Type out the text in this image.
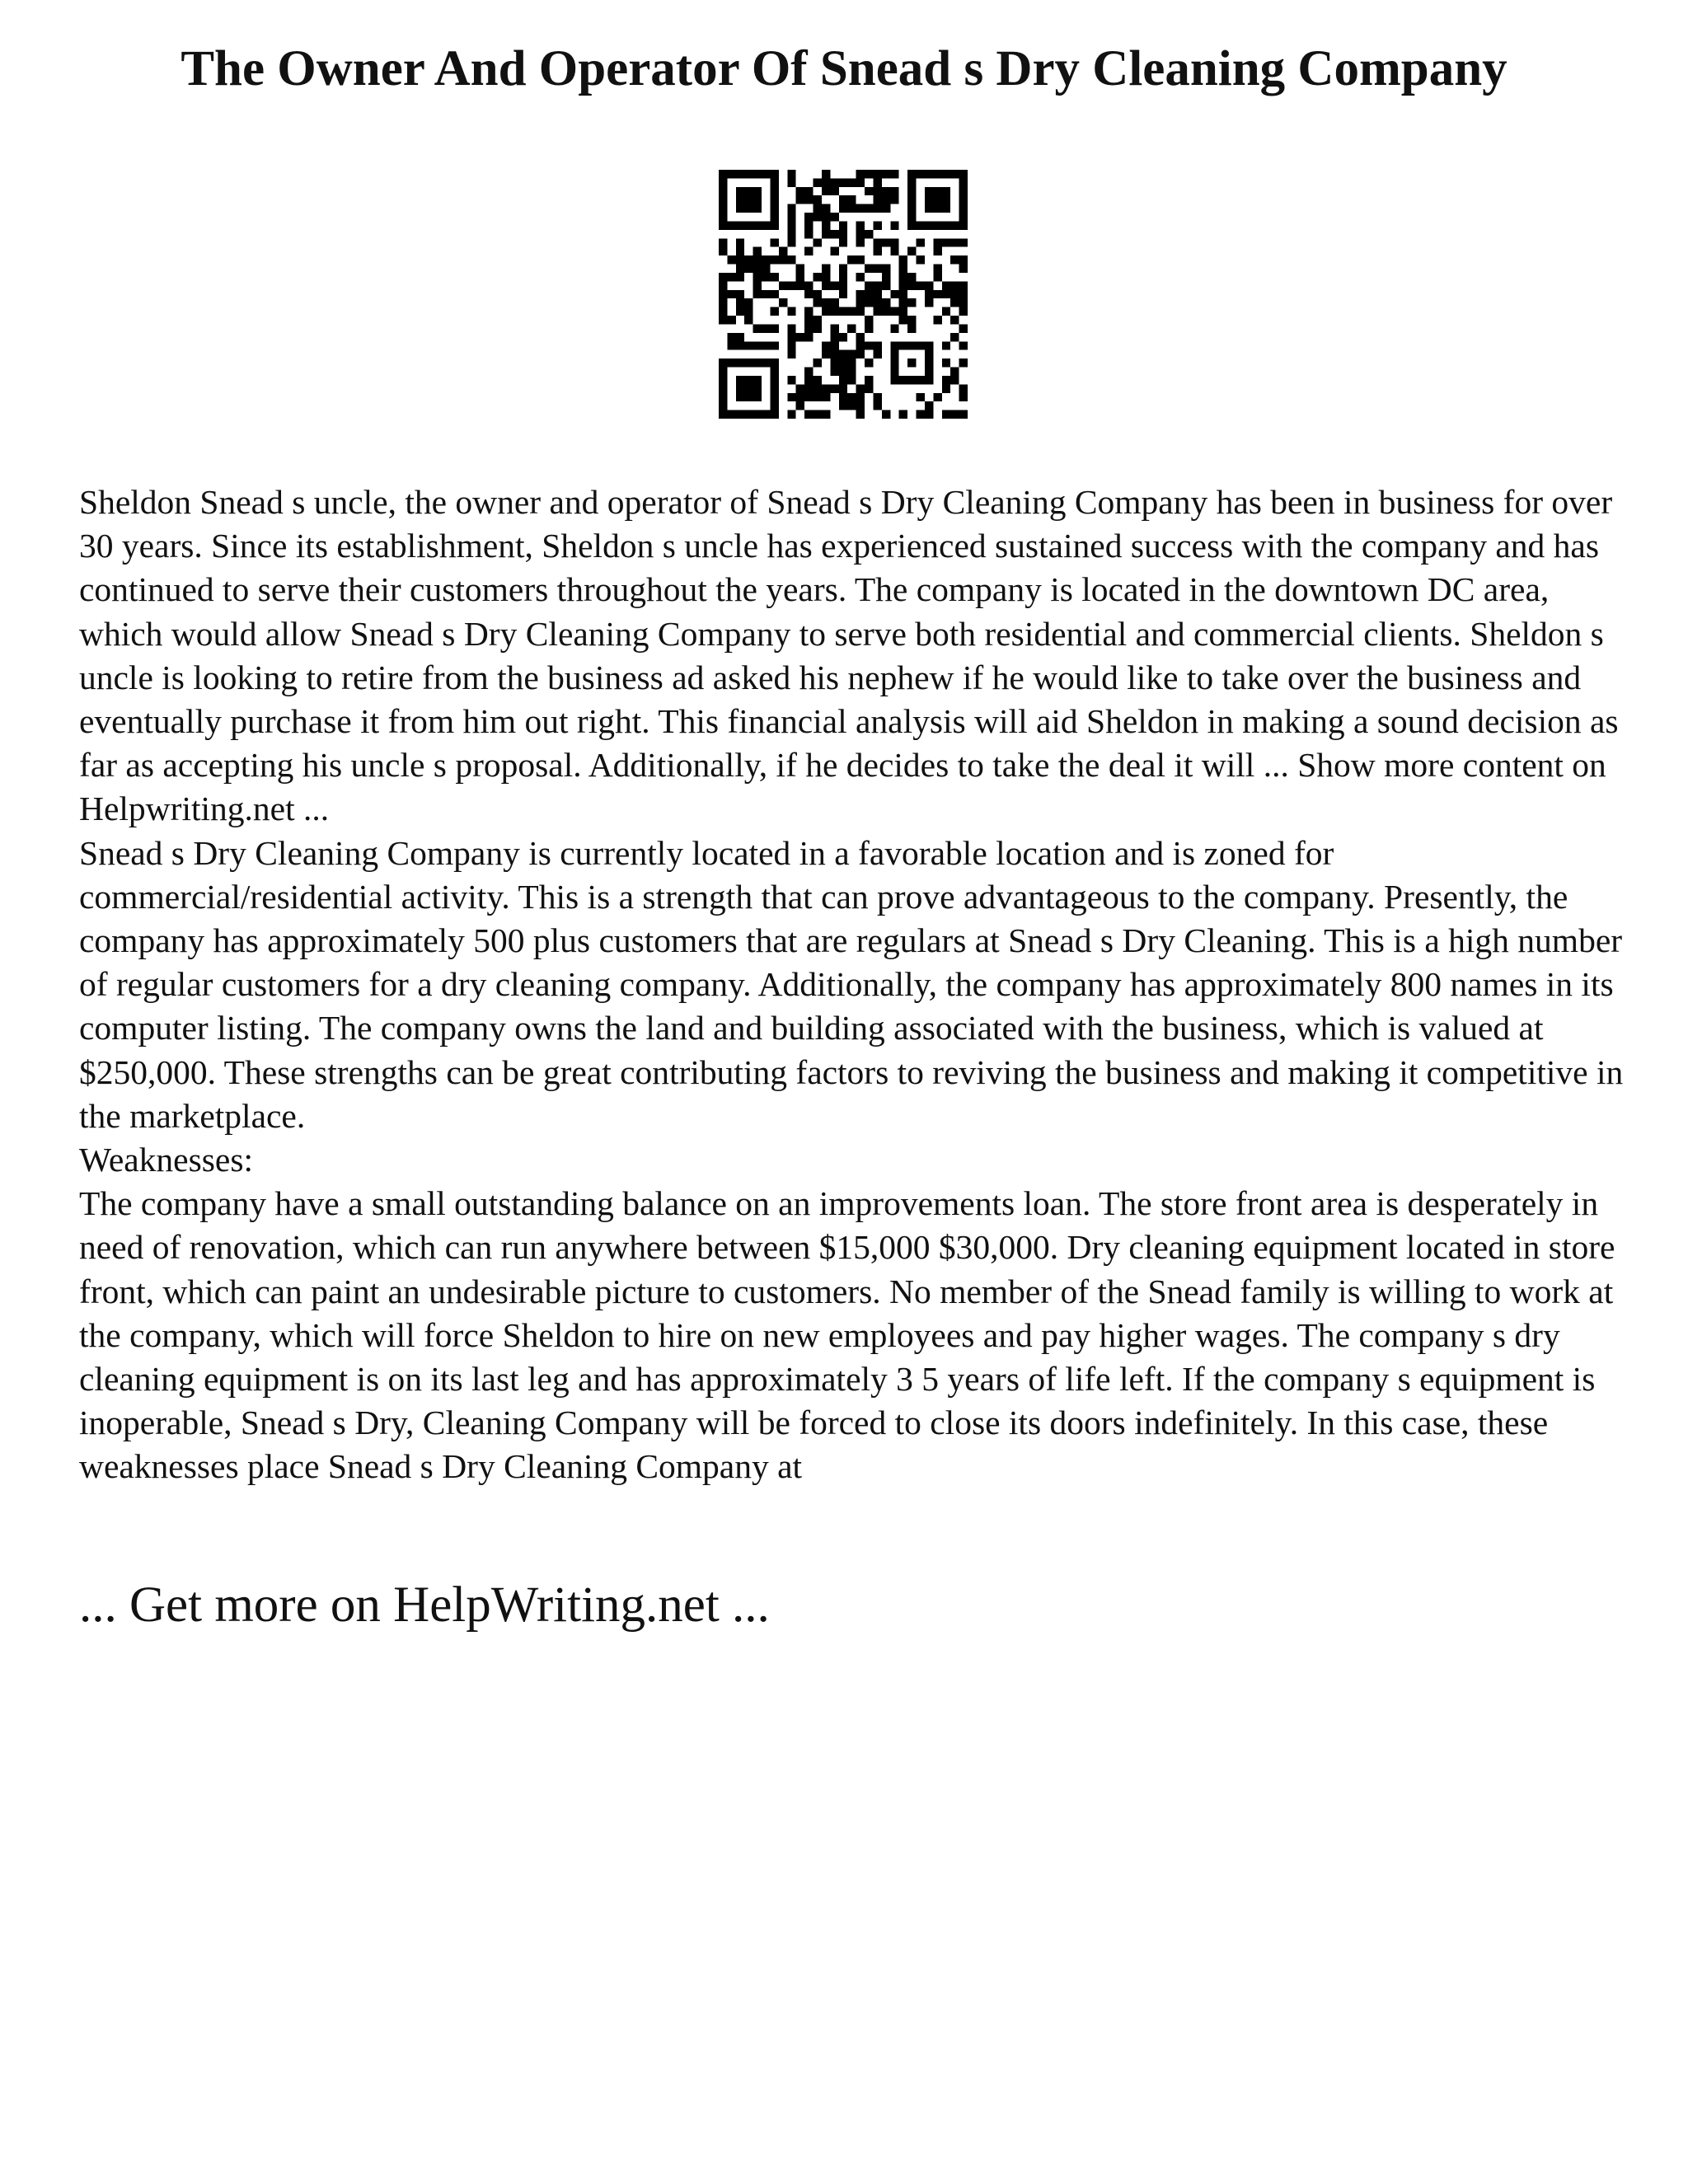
The Owner And Operator Of Snead s Dry Cleaning Company

Sheldon Snead s uncle, the owner and operator of Snead s Dry Cleaning Company has been in business for over 30 years. Since its establishment, Sheldon s uncle has experienced sustained success with the company and has continued to serve their customers throughout the years. The company is located in the downtown DC area, which would allow Snead s Dry Cleaning Company to serve both residential and commercial clients. Sheldon s uncle is looking to retire from the business ad asked his nephew if he would like to take over the business and eventually purchase it from him out right. This financial analysis will aid Sheldon in making a sound decision as far as accepting his uncle s proposal. Additionally, if he decides to take the deal it will ... Show more content on Helpwriting.net ...

Snead s Dry Cleaning Company is currently located in a favorable location and is zoned for commercial/residential activity. This is a strength that can prove advantageous to the company. Presently, the company has approximately 500 plus customers that are regulars at Snead s Dry Cleaning. This is a high number of regular customers for a dry cleaning company. Additionally, the company has approximately 800 names in its computer listing. The company owns the land and building associated with the business, which is valued at $250,000. These strengths can be great contributing factors to reviving the business and making it competitive in the marketplace.

Weaknesses:

The company have a small outstanding balance on an improvements loan. The store front area is desperately in need of renovation, which can run anywhere between $15,000 $30,000. Dry cleaning equipment located in store front, which can paint an undesirable picture to customers. No member of the Snead family is willing to work at the company, which will force Sheldon to hire on new employees and pay higher wages. The company s dry cleaning equipment is on its last leg and has approximately 3 5 years of life left. If the company s equipment is inoperable, Snead s Dry, Cleaning Company will be forced to close its doors indefinitely. In this case, these weaknesses place Snead s Dry Cleaning Company at

... Get more on HelpWriting.net ...
